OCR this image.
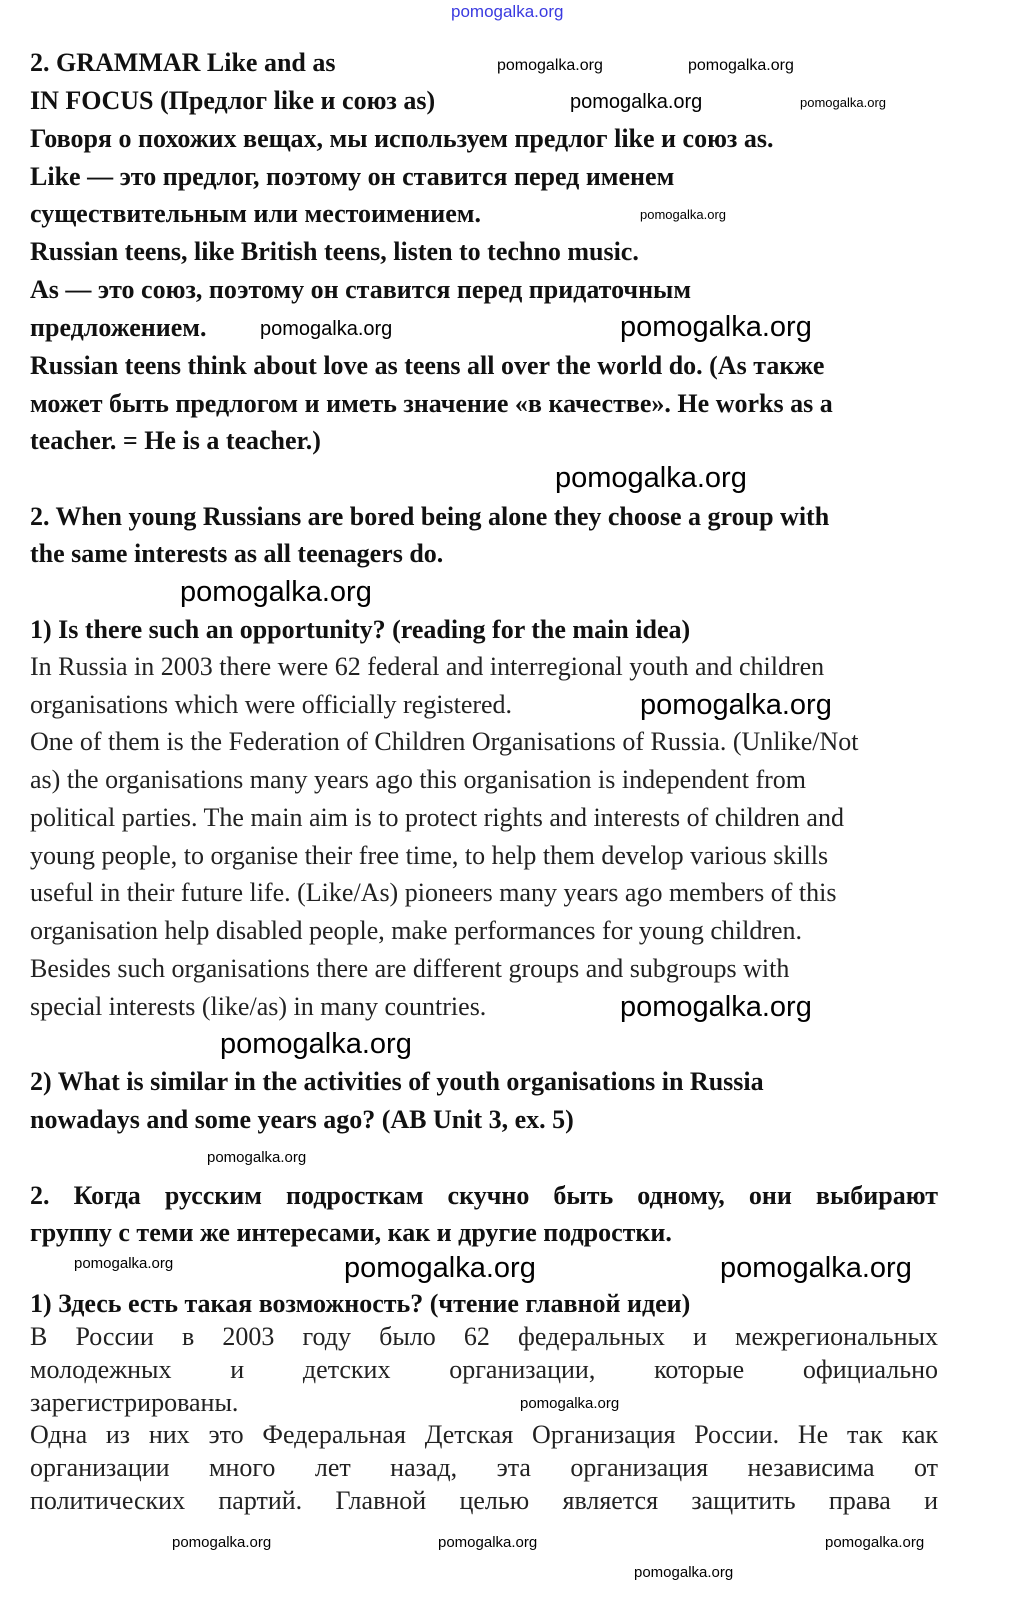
pomogalka.org
2. GRAMMAR Like and as
IN FOCUS (Предлог like и союз as)
Говоря о похожих вещах, мы используем предлог like и союз as.
Like — это предлог, поэтому он ставится перед именем
существительным или местоимением.
Russian teens, like British teens, listen to techno music.
As — это союз, поэтому он ставится перед придаточным
предложением.
Russian teens think about love as teens all over the world do. (As также
может быть предлогом и иметь значение «в качестве». He works as a
teacher. = He is a teacher.)
2. When young Russians are bored being alone they choose a group with
the same interests as all teenagers do.
1) Is there such an opportunity? (reading for the main idea)
In Russia in 2003 there were 62 federal and interregional youth and children
organisations which were officially registered.
One of them is the Federation of Children Organisations of Russia. (Unlike/Not
as) the organisations many years ago this organisation is independent from
political parties. The main aim is to protect rights and interests of children and
young people, to organise their free time, to help them develop various skills
useful in their future life. (Like/As) pioneers many years ago members of this
organisation help disabled people, make performances for young children.
Besides such organisations there are different groups and subgroups with
special interests (like/as) in many countries.
2) What is similar in the activities of youth organisations in Russia
nowadays and some years ago? (AB Unit 3, ex. 5)
2. Когда русским подросткам скучно быть одному, они выбирают
группу с теми же интересами, как и другие подростки.
1) Здесь есть такая возможность? (чтение главной идеи)
В России в 2003 году было 62 федеральных и межрегиональных
молодежных и детских организации, которые официально
зарегистрированы.
Одна из них это Федеральная Детская Организация России. Не так как
организации много лет назад, эта организация независима от
политических партий. Главной целью является защитить права и
pomogalka.org	pomogalka.org
pomogalka.org	pomogalka.org
pomogalka.org
pomogalka.org
pomogalka.org
pomogalka.org
pomogalka.org
pomogalka.org
pomogalka.org
pomogalka.org
pomogalka.org
pomogalka.org	pomogalka.org	pomogalka.org
pomogalka.org
pomogalka.org	pomogalka.org	pomogalka.org
pomogalka.org
